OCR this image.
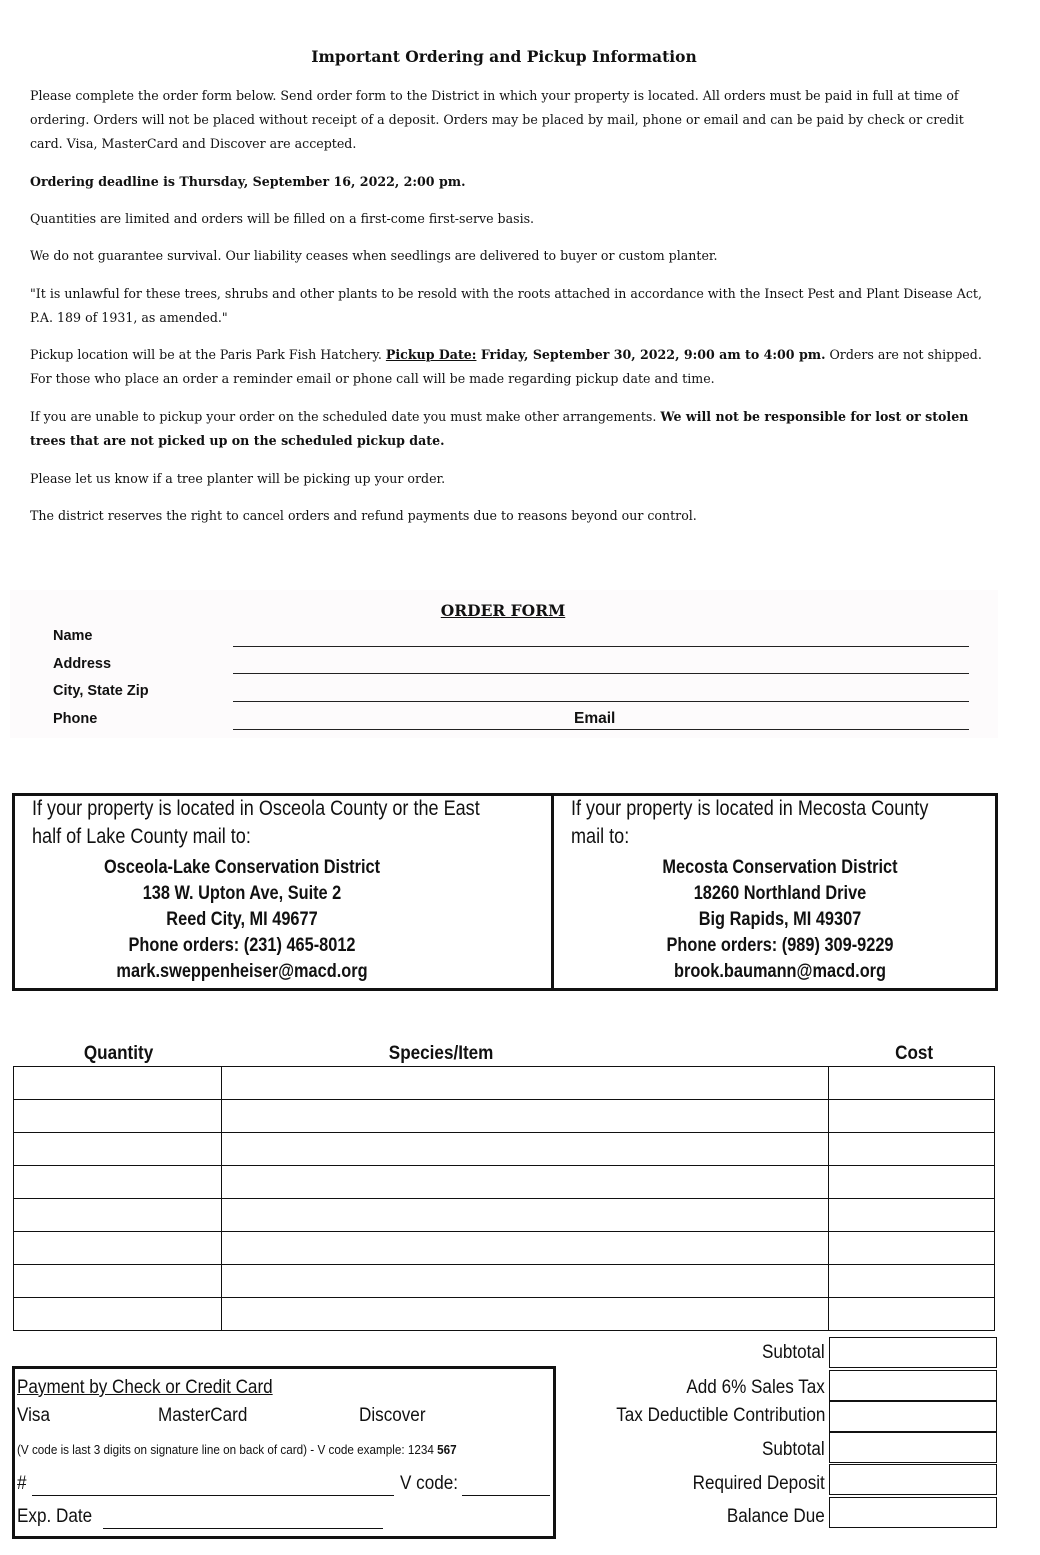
Important Ordering and Pickup Information
Please complete the order form below. Send order form to the District in which your property is located. All orders must be paid in full at time of ordering. Orders will not be placed without receipt of a deposit. Orders may be placed by mail, phone or email and can be paid by check or credit card. Visa, MasterCard and Discover are accepted.
Ordering deadline is Thursday, September 16, 2022, 2:00 pm.
Quantities are limited and orders will be filled on a first-come first-serve basis.
We do not guarantee survival. Our liability ceases when seedlings are delivered to buyer or custom planter.
"It is unlawful for these trees, shrubs and other plants to be resold with the roots attached in accordance with the Insect Pest and Plant Disease Act, P.A. 189 of 1931, as amended."
Pickup location will be at the Paris Park Fish Hatchery. Pickup Date: Friday, September 30, 2022, 9:00 am to 4:00 pm. Orders are not shipped. For those who place an order a reminder email or phone call will be made regarding pickup date and time.
If you are unable to pickup your order on the scheduled date you must make other arrangements. We will not be responsible for lost or stolen trees that are not picked up on the scheduled pickup date.
Please let us know if a tree planter will be picking up your order.
The district reserves the right to cancel orders and refund payments due to reasons beyond our control.
ORDER FORM
Name
Address
City, State Zip
Phone	Email
If your property is located in Osceola County or the East half of Lake County mail to:
Osceola-Lake Conservation District
138 W. Upton Ave, Suite 2
Reed City, MI 49677
Phone orders: (231) 465-8012
mark.sweppenheiser@macd.org
If your property is located in Mecosta County mail to:
Mecosta Conservation District
18260 Northland Drive
Big Rapids, MI 49307
Phone orders: (989) 309-9229
brook.baumann@macd.org
Quantity	Species/Item	Cost

Subtotal
Add 6% Sales Tax
Tax Deductible Contribution
Subtotal
Required Deposit
Balance Due
Payment by Check or Credit Card
Visa	MasterCard	Discover
(V code is last 3 digits on signature line on back of card) - V code example: 1234 567
#	V code:
Exp. Date
